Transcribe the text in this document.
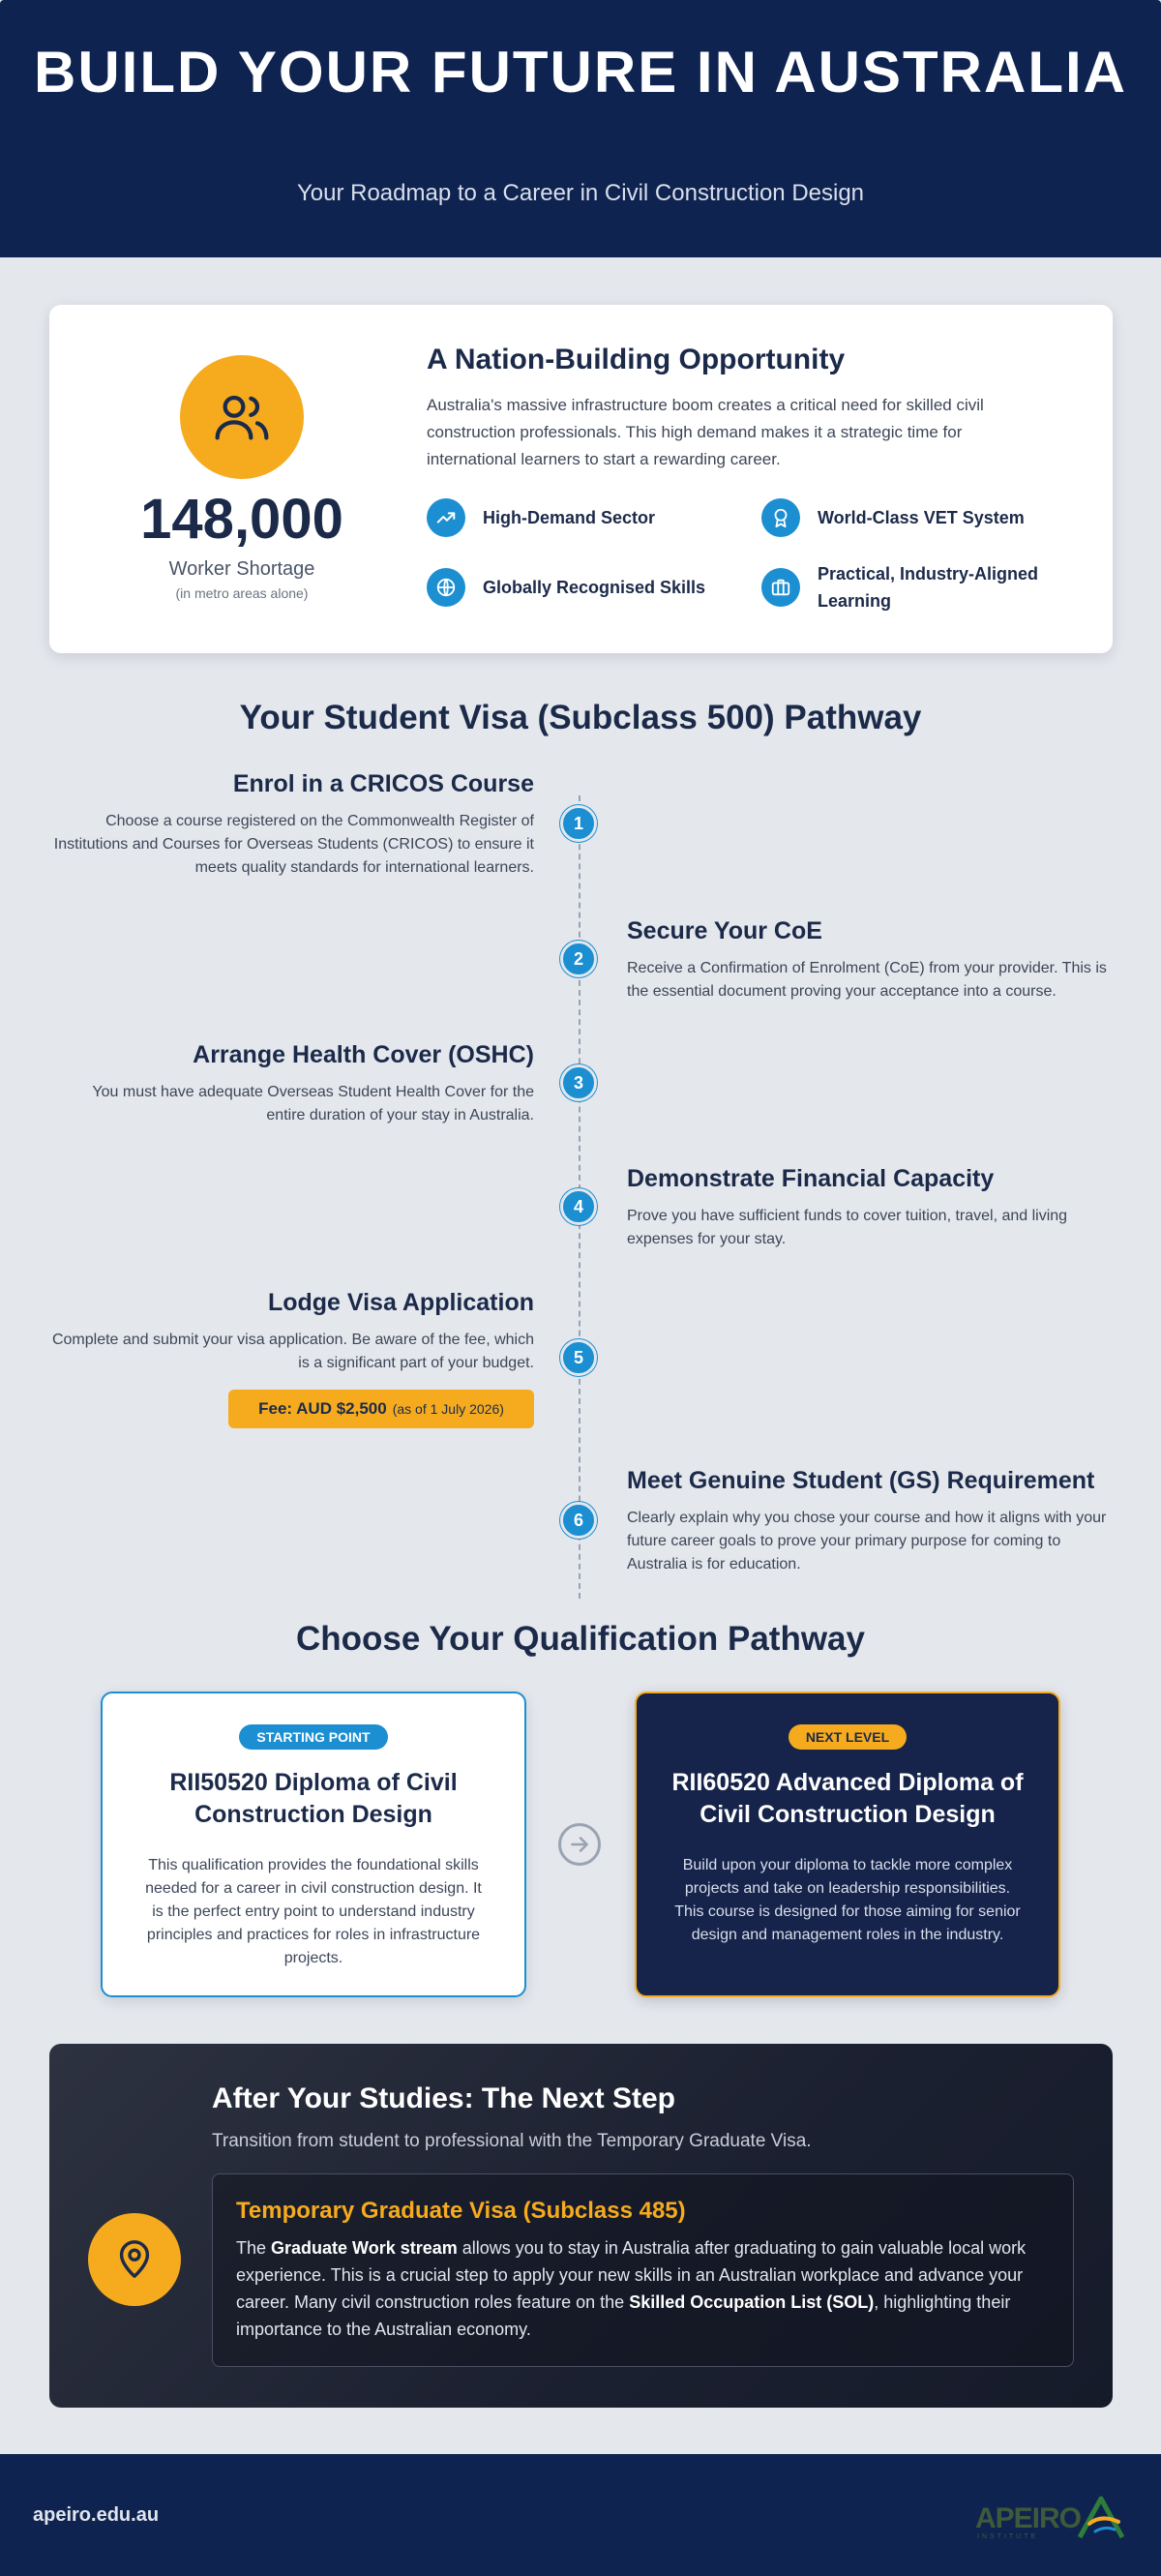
BUILD YOUR FUTURE IN AUSTRALIA
Your Roadmap to a Career in Civil Construction Design
148,000
Worker Shortage
(in metro areas alone)
A Nation-Building Opportunity

Australia's massive infrastructure boom creates a critical need for skilled civil construction professionals. This high demand makes it a strategic time for international learners to start a rewarding career.

High-Demand Sector	World-Class VET System
Globally Recognised Skills
Practical, Industry-Aligned Learning
Your Student Visa (Subclass 500) Pathway
Enrol in a CRICOS Course

Choose a course registered on the Commonwealth Register of Institutions and Courses for Overseas Students (CRICOS) to ensure it meets quality standards for international learners.

1
Secure Your CoE

Receive a Confirmation of Enrolment (CoE) from your provider. This is the essential document proving your acceptance into a course.

2
Arrange Health Cover (OSHC)

You must have adequate Overseas Student Health Cover for the entire duration of your stay in Australia.

3
Demonstrate Financial Capacity

Prove you have sufficient funds to cover tuition, travel, and living expenses for your stay.

4
Lodge Visa Application

Complete and submit your visa application. Be aware of the fee, which is a significant part of your budget.	5
Fee: AUD $2,500 (as of 1 July 2026)
Meet Genuine Student (GS) Requirement

Clearly explain why you chose your course and how it aligns with your future career goals to prove your primary purpose for coming to Australia is for education.

6
Choose Your Qualification Pathway
STARTING POINT
RII50520 Diploma of Civil Construction Design

This qualification provides the foundational skills needed for a career in civil construction design. It is the perfect entry point to understand industry principles and practices for roles in infrastructure projects.

NEXT LEVEL
RII60520 Advanced Diploma of Civil Construction Design

Build upon your diploma to tackle more complex projects and take on leadership responsibilities. This course is designed for those aiming for senior design and management roles in the industry.

After Your Studies: The Next Step
Transition from student to professional with the Temporary Graduate Visa.
Temporary Graduate Visa (Subclass 485)

The Graduate Work stream allows you to stay in Australia after graduating to gain valuable local work experience. This is a crucial step to apply your new skills in an Australian workplace and advance your career. Many civil construction roles feature on the Skilled Occupation List (SOL), highlighting their importance to the Australian economy.

apeiro.edu.au	APEIRO
INSTITUTE
